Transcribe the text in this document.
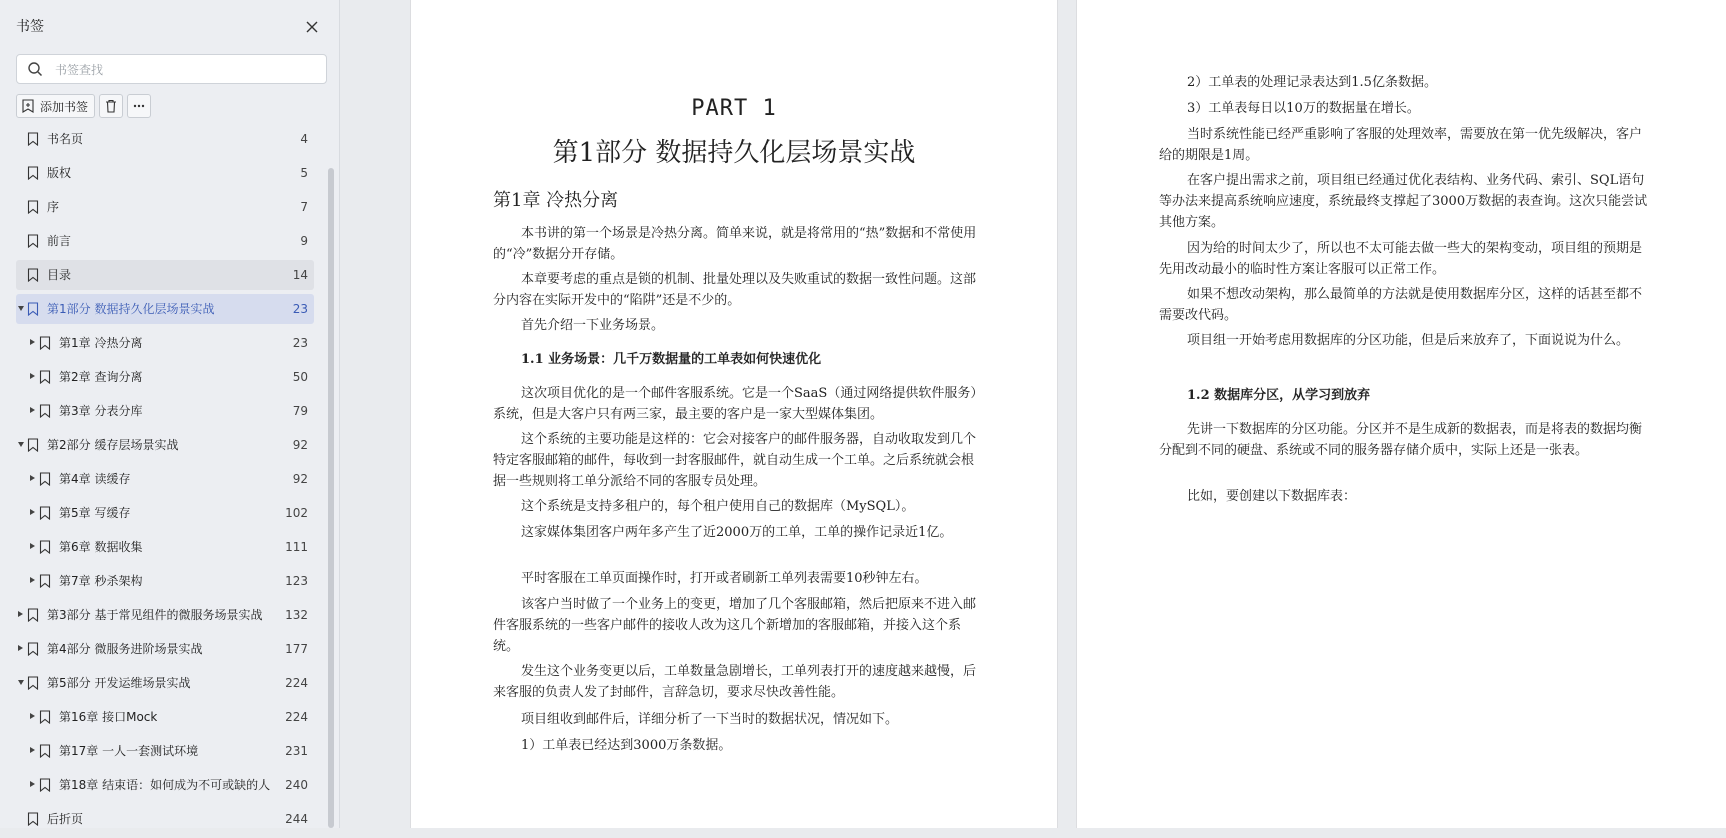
书签
书签查找
添加书签
书名页	4
版权	5
序	7
前言	9
目录	14
第1部分 数据持久化层场景实战	23
第1章 冷热分离	23
第2章 查询分离	50
第3章 分表分库	79
第2部分 缓存层场景实战	92
第4章 读缓存	92
第5章 写缓存	102
第6章 数据收集	111
第7章 秒杀架构	123
第3部分 基于常见组件的微服务场景实战 132
第4部分 微服务进阶场景实战	177
第5部分 开发运维场景实战	224
第16章 接口Mock	224
第17章 一人一套测试环境	231
第18章 结束语：如何成为不可或缺的人 240
后折页	244
PART 1
第1部分 数据持久化层场景实战
第1章 冷热分离
本书讲的第一个场景是冷热分离。简单来说，就是将常用的“热”数据和不常使用的“冷”数据分开存储。
本章要考虑的重点是锁的机制、批量处理以及失败重试的数据一致性问题。这部分内容在实际开发中的“陷阱”还是不少的。
首先介绍一下业务场景。
1.1 业务场景：几千万数据量的工单表如何快速优化
这次项目优化的是一个邮件客服系统。它是一个SaaS（通过网络提供软件服务）系统，但是大客户只有两三家，最主要的客户是一家大型媒体集团。
这个系统的主要功能是这样的：它会对接客户的邮件服务器，自动收取发到几个特定客服邮箱的邮件，每收到一封客服邮件，就自动生成一个工单。之后系统就会根据一些规则将工单分派给不同的客服专员处理。
这个系统是支持多租户的，每个租户使用自己的数据库（MySQL）。
这家媒体集团客户两年多产生了近2000万的工单，工单的操作记录近1亿。
平时客服在工单页面操作时，打开或者刷新工单列表需要10秒钟左右。
该客户当时做了一个业务上的变更，增加了几个客服邮箱，然后把原来不进入邮件客服系统的一些客户邮件的接收人改为这几个新增加的客服邮箱，并接入这个系统。
发生这个业务变更以后，工单数量急剧增长，工单列表打开的速度越来越慢，后来客服的负责人发了封邮件，言辞急切，要求尽快改善性能。
项目组收到邮件后，详细分析了一下当时的数据状况，情况如下。
1）工单表已经达到3000万条数据。
2）工单表的处理记录表达到1.5亿条数据。
3）工单表每日以10万的数据量在增长。
当时系统性能已经严重影响了客服的处理效率，需要放在第一优先级解决，客户给的期限是1周。
在客户提出需求之前，项目组已经通过优化表结构、业务代码、索引、SQL语句等办法来提高系统响应速度，系统最终支撑起了3000万数据的表查询。这次只能尝试其他方案。
因为给的时间太少了，所以也不太可能去做一些大的架构变动，项目组的预期是先用改动最小的临时性方案让客服可以正常工作。
如果不想改动架构，那么最简单的方法就是使用数据库分区，这样的话甚至都不需要改代码。
项目组一开始考虑用数据库的分区功能，但是后来放弃了，下面说说为什么。
1.2 数据库分区，从学习到放弃
先讲一下数据库的分区功能。分区并不是生成新的数据表，而是将表的数据均衡分配到不同的硬盘、系统或不同的服务器存储介质中，实际上还是一张表。
比如，要创建以下数据库表：
